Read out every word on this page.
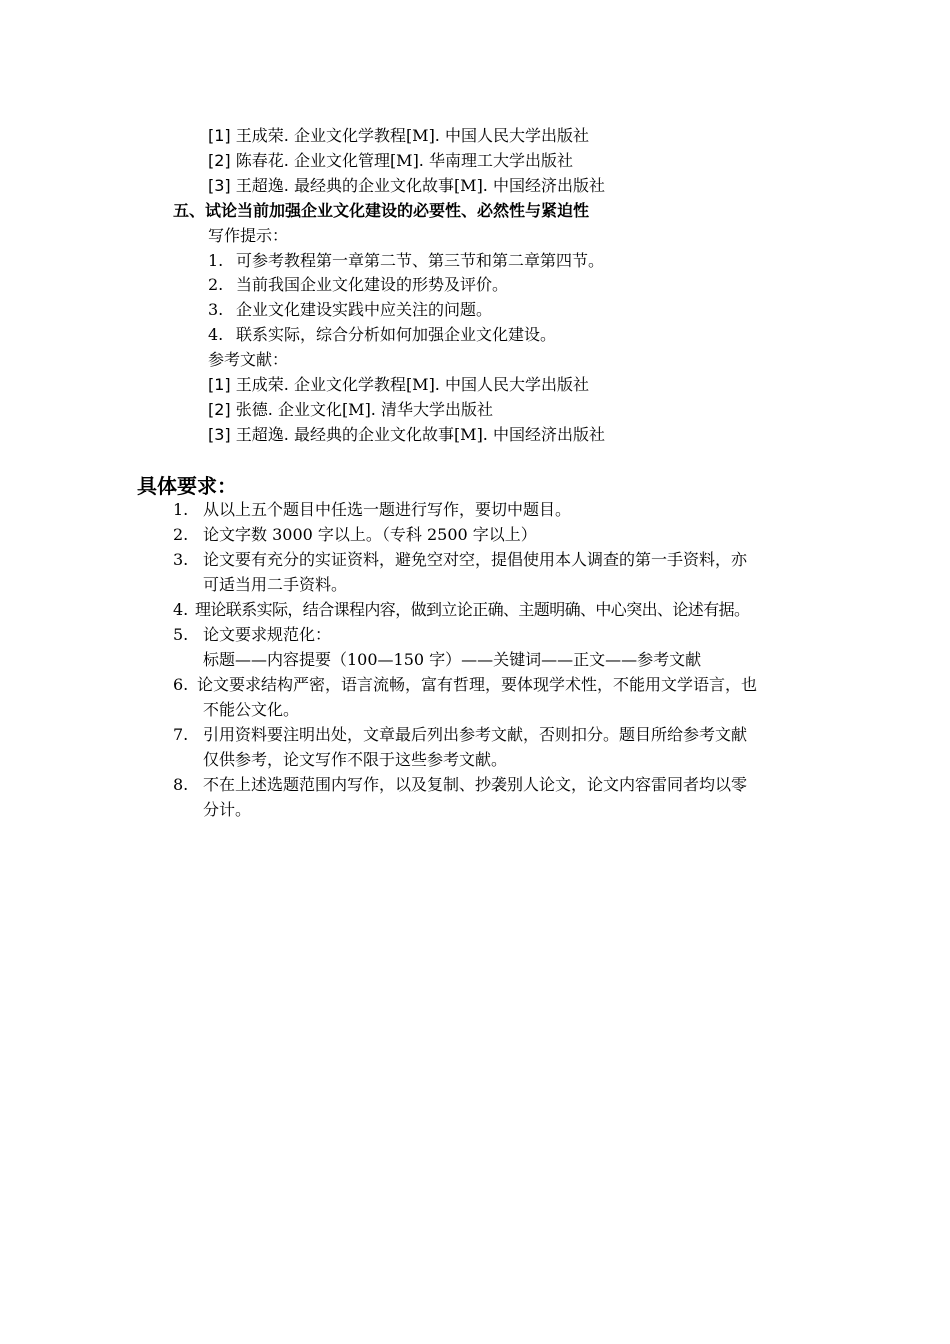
[1] 王成荣. 企业文化学教程[M]. 中国人民大学出版社
[2] 陈春花. 企业文化管理[M]. 华南理工大学出版社
[3] 王超逸. 最经典的企业文化故事[M]. 中国经济出版社
五、试论当前加强企业文化建设的必要性、必然性与紧迫性
写作提示：
1. 可参考教程第一章第二节、第三节和第二章第四节。
2. 当前我国企业文化建设的形势及评价。
3. 企业文化建设实践中应关注的问题。
4. 联系实际，综合分析如何加强企业文化建设。
参考文献：
[1] 王成荣. 企业文化学教程[M]. 中国人民大学出版社
[2] 张德. 企业文化[M]. 清华大学出版社
[3] 王超逸. 最经典的企业文化故事[M]. 中国经济出版社
具体要求：
1. 从以上五个题目中任选一题进行写作，要切中题目。
2. 论文字数 3000 字以上。（专科 2500 字以上）
3. 论文要有充分的实证资料，避免空对空，提倡使用本人调查的第一手资料，亦
可适当用二手资料。
4. 理论联系实际，结合课程内容，做到立论正确、主题明确、中心突出、论述有据。
5. 论文要求规范化：
标题——内容提要（100—150 字）——关键词——正文——参考文献
6. 论文要求结构严密，语言流畅，富有哲理，要体现学术性，不能用文学语言，也
不能公文化。
7. 引用资料要注明出处，文章最后列出参考文献，否则扣分。题目所给参考文献
仅供参考，论文写作不限于这些参考文献。
8. 不在上述选题范围内写作，以及复制、抄袭别人论文，论文内容雷同者均以零
分计。
